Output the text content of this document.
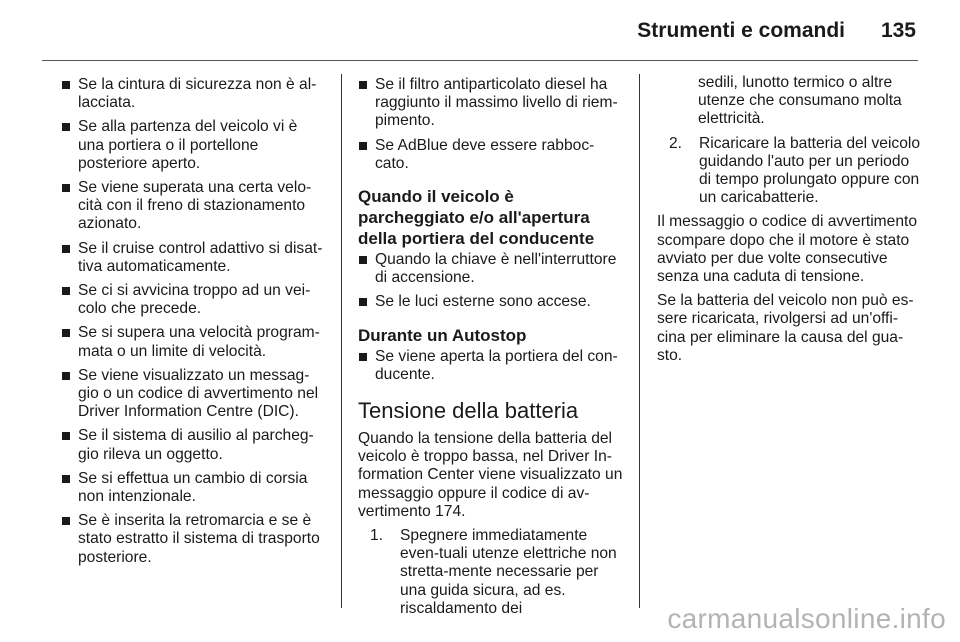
Strumenti e comandi 135
Se la cintura di sicurezza non è al-lacciata.
Se alla partenza del veicolo vi è una portiera o il portellone posteriore aperto.
Se viene superata una certa velo-cità con il freno di stazionamento azionato.
Se il cruise control adattivo si disat-tiva automaticamente.
Se ci si avvicina troppo ad un vei-colo che precede.
Se si supera una velocità program-mata o un limite di velocità.
Se viene visualizzato un messag-gio o un codice di avvertimento nel Driver Information Centre (DIC).
Se il sistema di ausilio al parcheg-gio rileva un oggetto.
Se si effettua un cambio di corsia non intenzionale.
Se è inserita la retromarcia e se è stato estratto il sistema di trasporto posteriore.
Se il filtro antiparticolato diesel ha raggiunto il massimo livello di riem-pimento.
Se AdBlue deve essere rabboc-cato.
Quando il veicolo è parcheggiato e/o all'apertura della portiera del conducente
Quando la chiave è nell'interruttore di accensione.
Se le luci esterne sono accese.
Durante un Autostop
Se viene aperta la portiera del con-ducente.
Tensione della batteria

Quando la tensione della batteria del veicolo è troppo bassa, nel Driver In-formation Center viene visualizzato un messaggio oppure il codice di av-vertimento 174.

1. Spegnere immediatamente even-tuali utenze elettriche non stretta-mente necessarie per una guida sicura, ad es. riscaldamento dei
sedili, lunotto termico o altre utenze che consumano molta elettricità.
2. Ricaricare la batteria del veicolo guidando l'auto per un periodo di tempo prolungato oppure con un caricabatterie.

Il messaggio o codice di avvertimento scompare dopo che il motore è stato avviato per due volte consecutive senza una caduta di tensione.

Se la batteria del veicolo non può es-sere ricaricata, rivolgersi ad un'offi-cina per eliminare la causa del gua-sto.

carmanualsonline.info
